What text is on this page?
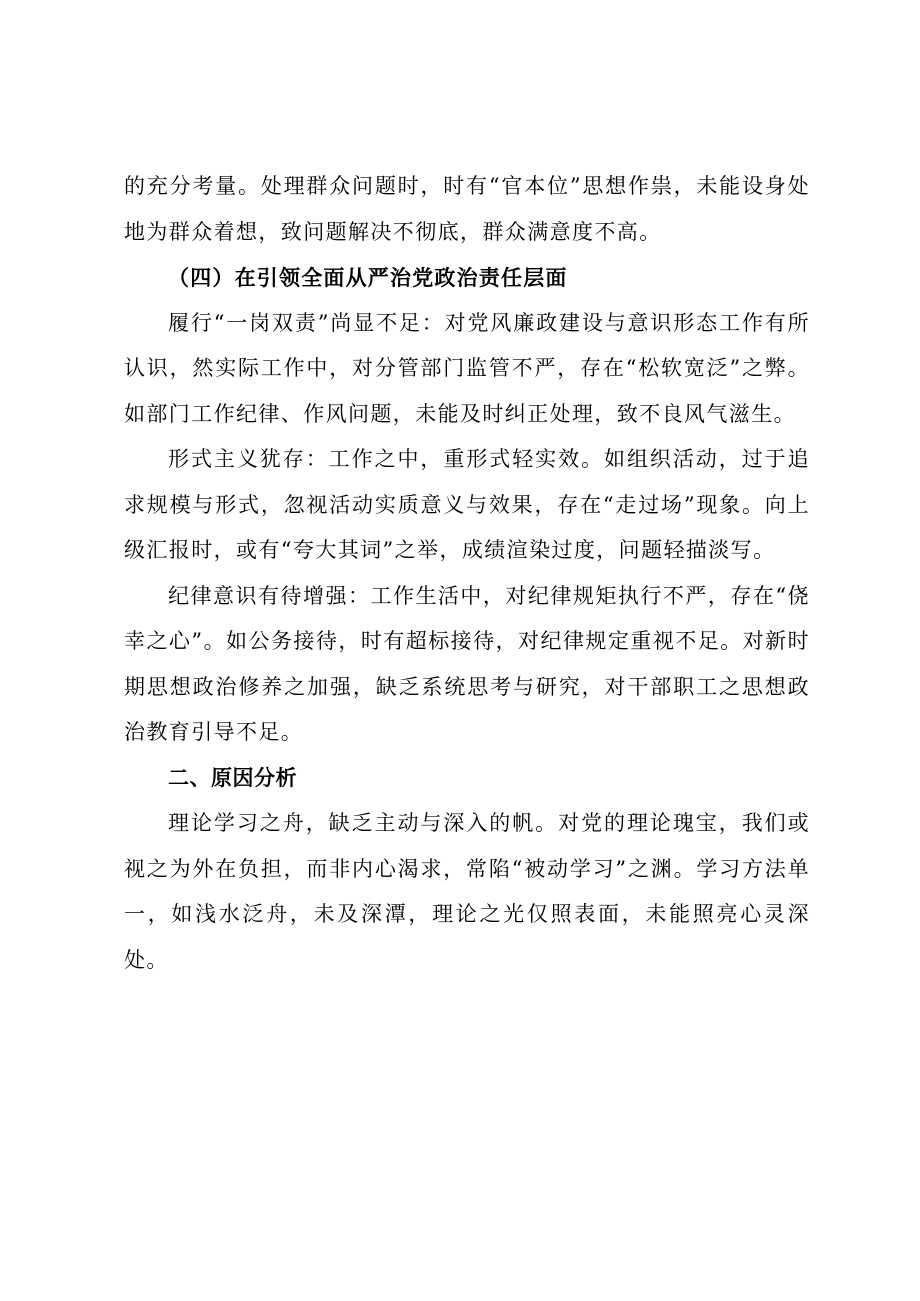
的充分考量。处理群众问题时，时有“官本位”思想作祟，未能设身处地为群众着想，致问题解决不彻底，群众满意度不高。

（四）在引领全面从严治党政治责任层面

履行“一岗双责”尚显不足：对党风廉政建设与意识形态工作有所认识，然实际工作中，对分管部门监管不严，存在“松软宽泛”之弊。如部门工作纪律、作风问题，未能及时纠正处理，致不良风气滋生。

形式主义犹存：工作之中，重形式轻实效。如组织活动，过于追求规模与形式，忽视活动实质意义与效果，存在“走过场”现象。向上级汇报时，或有“夸大其词”之举，成绩渲染过度，问题轻描淡写。

纪律意识有待增强：工作生活中，对纪律规矩执行不严，存在“侥幸之心”。如公务接待，时有超标接待，对纪律规定重视不足。对新时期思想政治修养之加强，缺乏系统思考与研究，对干部职工之思想政治教育引导不足。

二、原因分析

理论学习之舟，缺乏主动与深入的帆。对党的理论瑰宝，我们或视之为外在负担，而非内心渴求，常陷“被动学习”之渊。学习方法单一，如浅水泛舟，未及深潭，理论之光仅照表面，未能照亮心灵深处。
